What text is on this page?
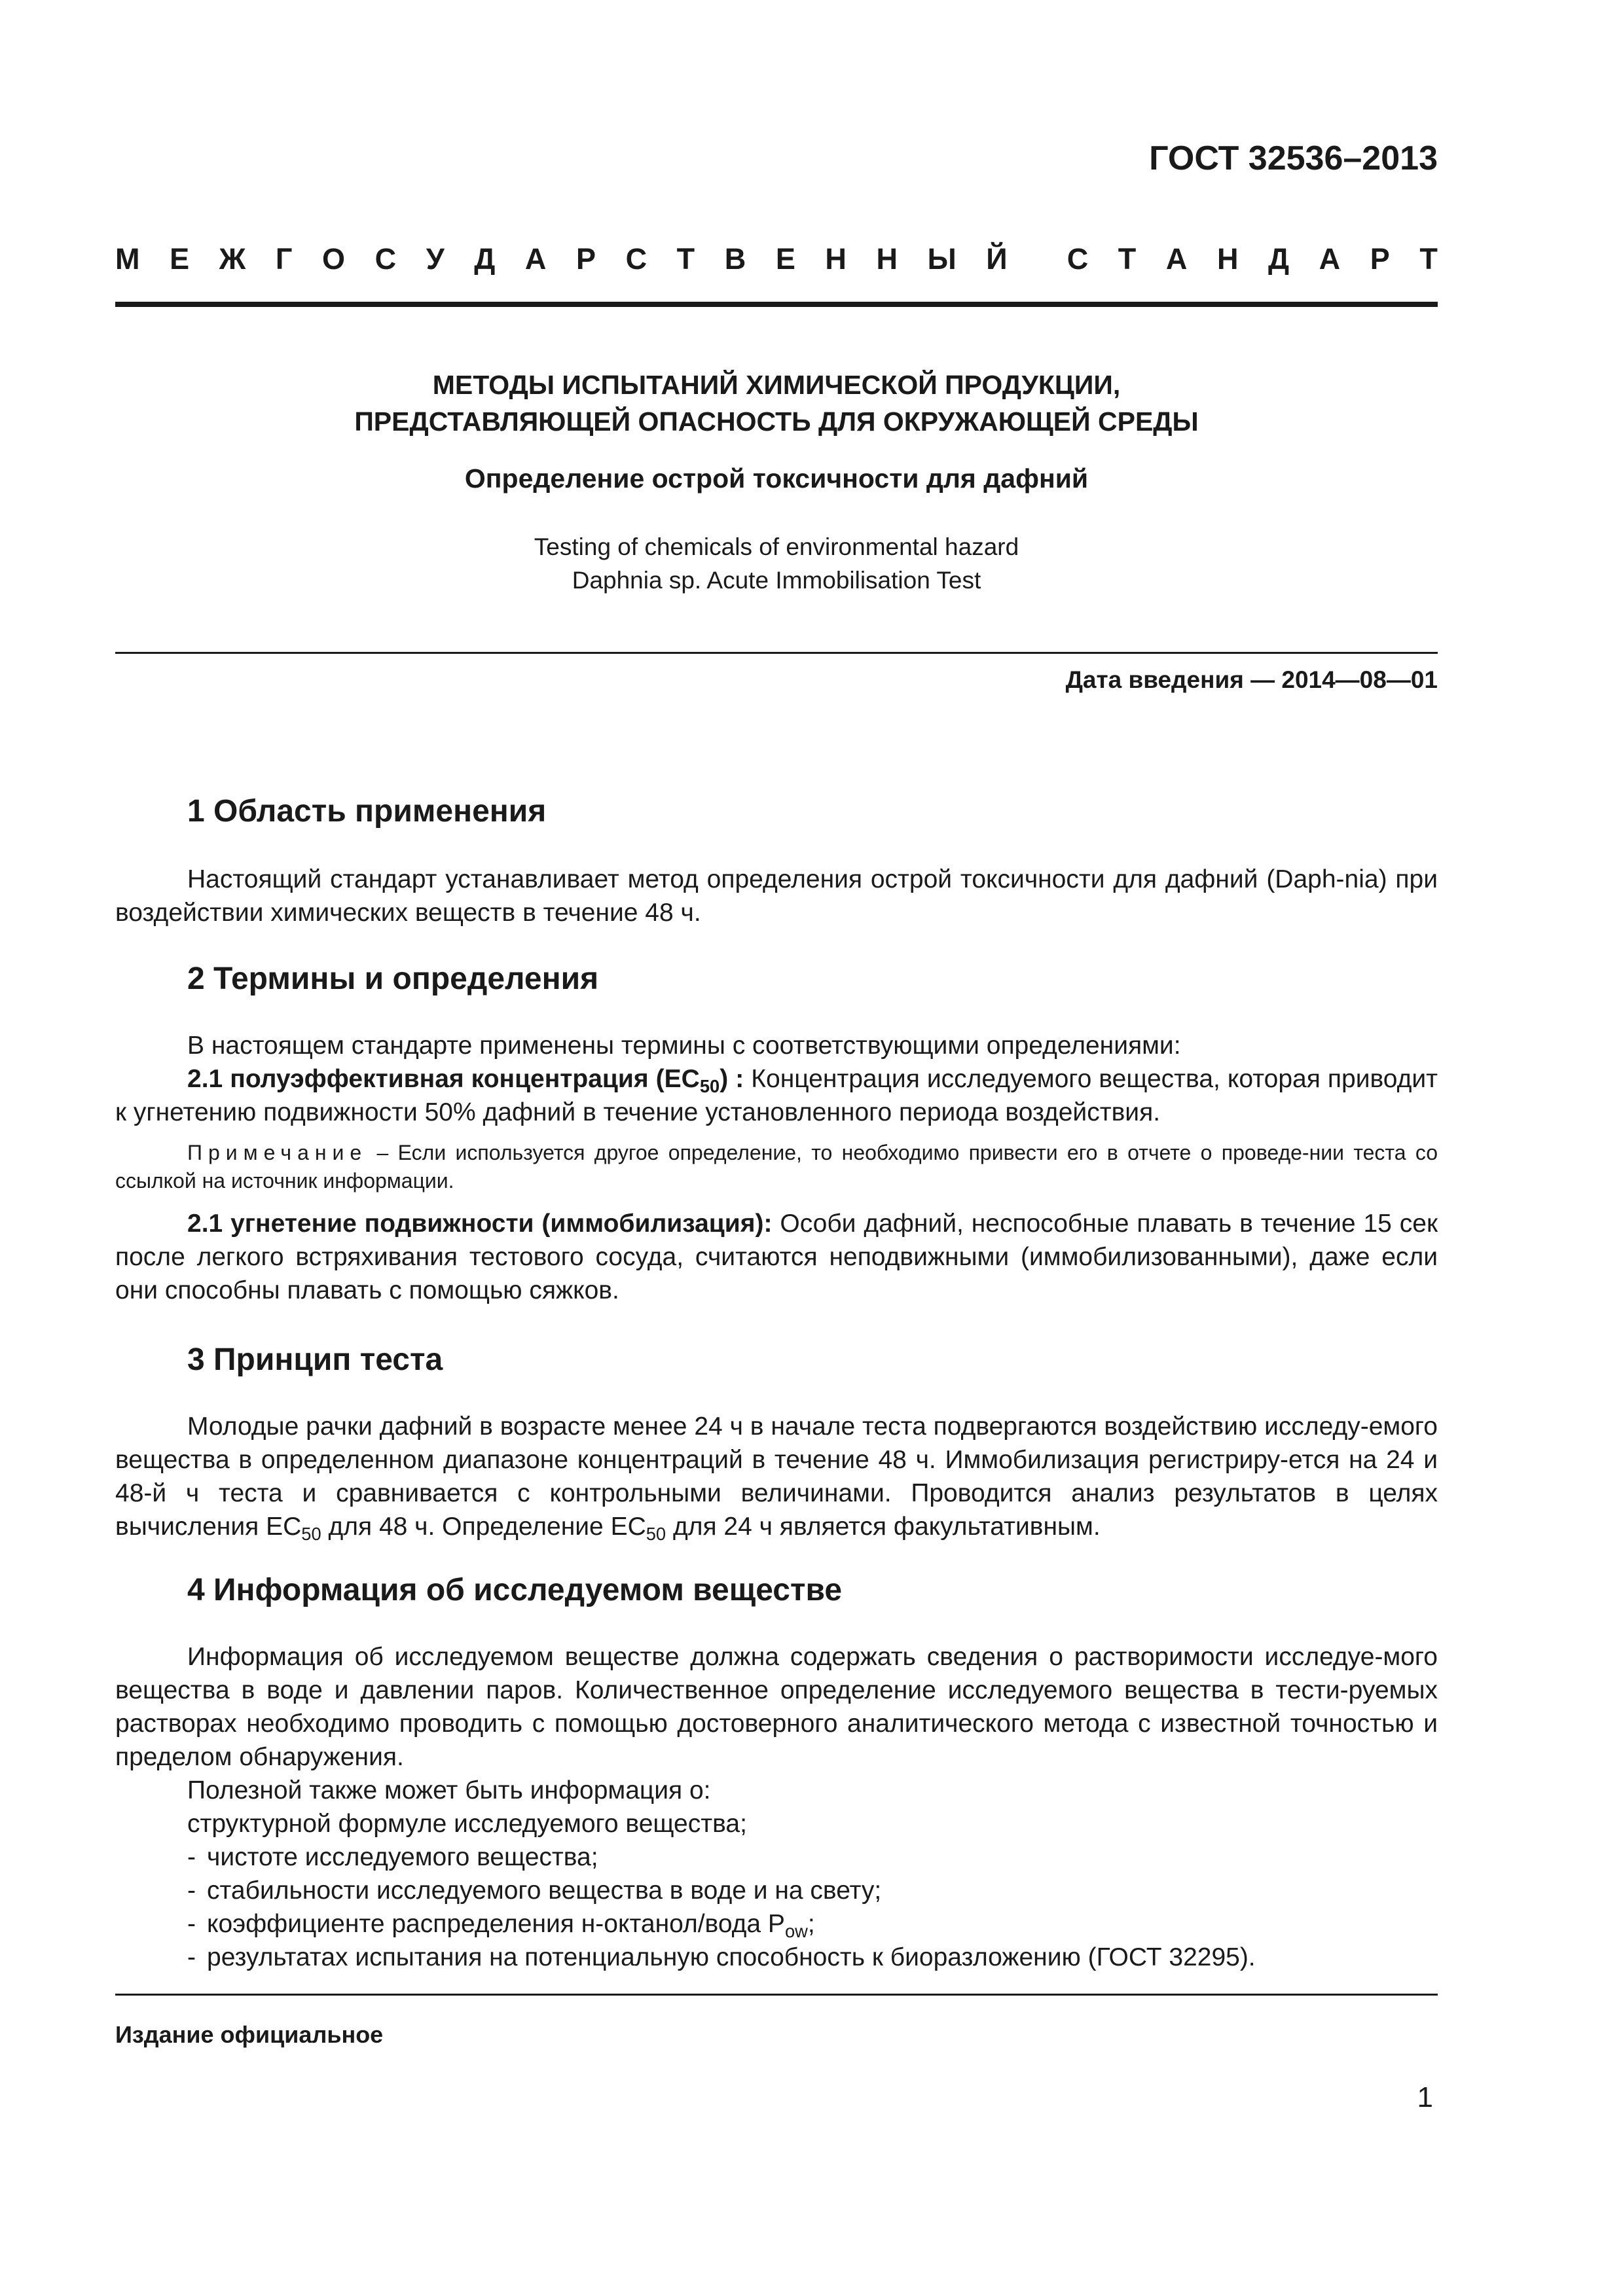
ГОСТ 32536–2013
М Е Ж Г О С У Д А Р С Т В Е Н Н Ы Й С Т А Н Д А Р Т
МЕТОДЫ ИСПЫТАНИЙ ХИМИЧЕСКОЙ ПРОДУКЦИИ,
ПРЕДСТАВЛЯЮЩЕЙ ОПАСНОСТЬ ДЛЯ ОКРУЖАЮЩЕЙ СРЕДЫ
Определение острой токсичности для дафний
Testing of chemicals of environmental hazard
Daphnia sp. Acute Immobilisation Test
Дата введения — 2014—08—01
1 Область применения

Настоящий стандарт устанавливает метод определения острой токсичности для дафний (Daph-nia) при воздействии химических веществ в течение 48 ч.

2 Термины и определения

В настоящем стандарте применены термины с соответствующими определениями:

2.1 полуэффективная концентрация $(EC_{50})$ : Концентрация исследуемого вещества, которая приводит к угнетению подвижности 50% дафний в течение установленного периода воздействия.

Примечание – Если используется другое определение, то необходимо привести его в отчете о проведе-нии теста со ссылкой на источник информации.

2.1 угнетение подвижности (иммобилизация): Особи дафний, неспособные плавать в течение 15 сек после легкого встряхивания тестового сосуда, считаются неподвижными (иммобилизованными), даже если они способны плавать с помощью сяжков.

3 Принцип теста

Молодые рачки дафний в возрасте менее 24 ч в начале теста подвергаются воздействию исследу-емого вещества в определенном диапазоне концентраций в течение 48 ч. Иммобилизация регистриру-ется на 24 и 48-й ч теста и сравнивается с контрольными величинами. Проводится анализ результатов в целях вычисления $EC_{50}$ для 48 ч. Определение $EC_{50}$ для 24 ч является факультативным.

4 Информация об исследуемом веществе

Информация об исследуемом веществе должна содержать сведения о растворимости исследуе-мого вещества в воде и давлении паров. Количественное определение исследуемого вещества в тести-руемых растворах необходимо проводить с помощью достоверного аналитического метода с известной точностью и пределом обнаружения.

Полезной также может быть информация о:

структурной формуле исследуемого вещества;

- чистоте исследуемого вещества;
- стабильности исследуемого вещества в воде и на свету;
- коэффициенте распределения н-октанол/вода $P_{ow}$;
- результатах испытания на потенциальную способность к биоразложению (ГОСТ 32295).
Издание официальное
1
